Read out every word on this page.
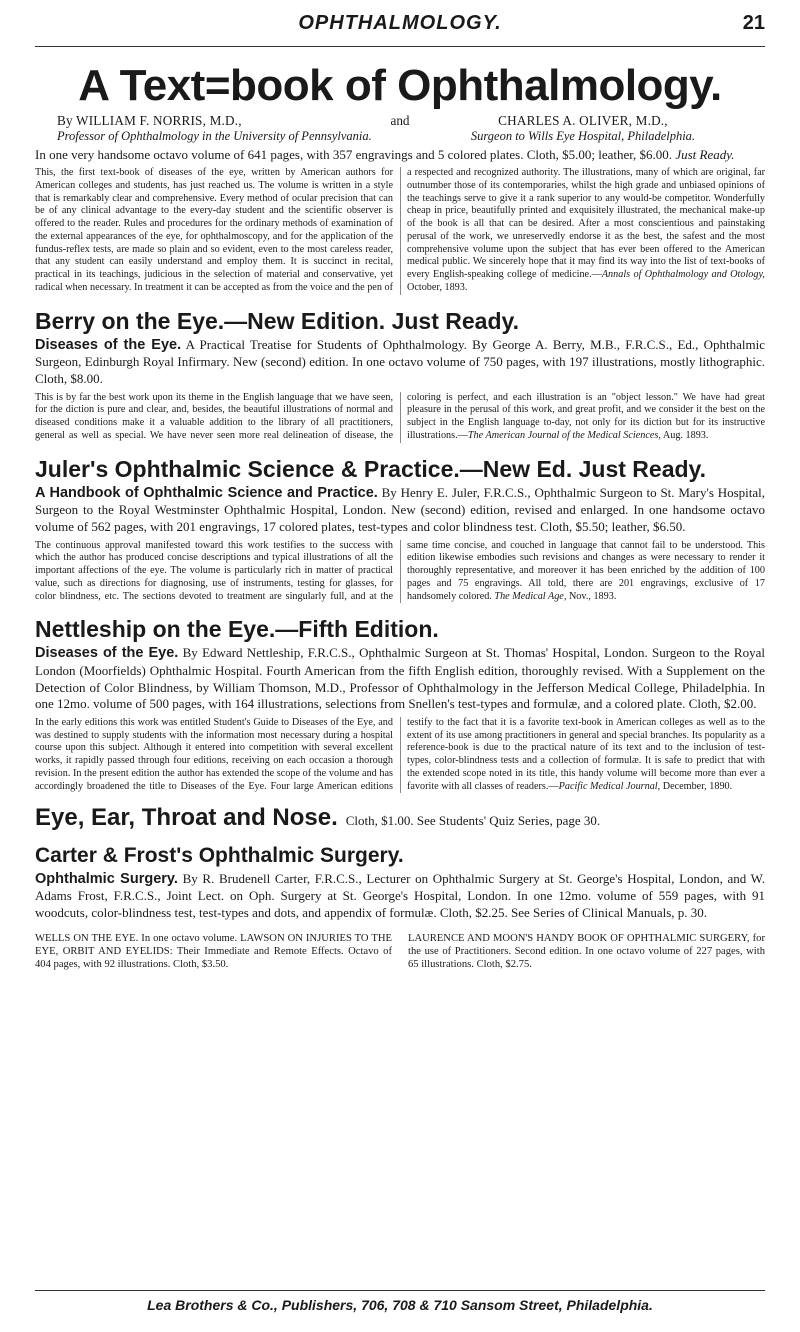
OPHTHALMOLOGY.	21
A Text=book of Ophthalmology.
By WILLIAM F. NORRIS, M.D.,
Professor of Ophthalmology in the University of Pennsylvania.
and	CHARLES A. OLIVER, M.D.,
Surgeon to Wills Eye Hospital, Philadelphia.
In one very handsome octavo volume of 641 pages, with 357 engravings and 5 colored plates. Cloth, $5.00; leather, $6.00. Just Ready.

This, the first text-book of diseases of the eye, written by American authors for American colleges and students, has just reached us. The volume is written in a style that is remarkably clear and comprehensive. Every method of ocular precision that can be of any clinical advantage to the every-day student and the scientific observer is offered to the reader. Rules and procedures for the ordinary methods of examination of the external appearances of the eye, for ophthalmoscopy, and for the application of the fundus-reflex tests, are made so plain and so evident, even to the most careless reader, that any student can easily understand and employ them. It is succinct in recital, practical in its teachings, judicious in the selection of material and conservative, yet radical when necessary. In treatment it can be accepted as from the voice and the pen of a respected and recognized authority. The illustrations, many of which are original, far outnumber those of its contemporaries, whilst the high grade and unbiased opinions of the teachings serve to give it a rank superior to any would-be competitor. Wonderfully cheap in price, beautifully printed and exquisitely illustrated, the mechanical make-up of the book is all that can be desired. After a most conscientious and painstaking perusal of the work, we unreservedly endorse it as the best, the safest and the most comprehensive volume upon the subject that has ever been offered to the American medical public. We sincerely hope that it may find its way into the list of text-books of every English-speaking college of medicine.—Annals of Ophthalmology and Otology, October, 1893.

Berry on the Eye.—New Edition. Just Ready.
Diseases of the Eye. A Practical Treatise for Students of Ophthalmology. By George A. Berry, M.B., F.R.C.S., Ed., Ophthalmic Surgeon, Edinburgh Royal Infirmary. New (second) edition. In one octavo volume of 750 pages, with 197 illustrations, mostly lithographic. Cloth, $8.00.

This is by far the best work upon its theme in the English language that we have seen, for the diction is pure and clear, and, besides, the beautiful illustrations of normal and diseased conditions make it a valuable addition to the library of all practitioners, general as well as special. We have never seen more real delineation of disease, the coloring is perfect, and each illustration is an "object lesson." We have had great pleasure in the perusal of this work, and great profit, and we consider it the best on the subject in the English language to-day, not only for its diction but for its instructive illustrations.—The American Journal of the Medical Sciences, Aug. 1893.

Juler's Ophthalmic Science & Practice.—New Ed. Just Ready.
A Handbook of Ophthalmic Science and Practice. By Henry E. Juler, F.R.C.S., Ophthalmic Surgeon to St. Mary's Hospital, Surgeon to the Royal Westminster Ophthalmic Hospital, London. New (second) edition, revised and enlarged. In one handsome octavo volume of 562 pages, with 201 engravings, 17 colored plates, test-types and color blindness test. Cloth, $5.50; leather, $6.50.

The continuous approval manifested toward this work testifies to the success with which the author has produced concise descriptions and typical illustrations of all the important affections of the eye. The volume is particularly rich in matter of practical value, such as directions for diagnosing, use of instruments, testing for glasses, for color blindness, etc. The sections devoted to treatment are singularly full, and at the same time concise, and couched in language that cannot fail to be understood. This edition likewise embodies such revisions and changes as were necessary to render it thoroughly representative, and moreover it has been enriched by the addition of 100 pages and 75 engravings. All told, there are 201 engravings, exclusive of 17 handsomely colored. The Medical Age, Nov., 1893.

Nettleship on the Eye.—Fifth Edition.
Diseases of the Eye. By Edward Nettleship, F.R.C.S., Ophthalmic Surgeon at St. Thomas' Hospital, London. Surgeon to the Royal London (Moorfields) Ophthalmic Hospital. Fourth American from the fifth English edition, thoroughly revised. With a Supplement on the Detection of Color Blindness, by William Thomson, M.D., Professor of Ophthalmology in the Jefferson Medical College, Philadelphia. In one 12mo. volume of 500 pages, with 164 illustrations, selections from Snellen's test-types and formulæ, and a colored plate. Cloth, $2.00.

In the early editions this work was entitled Student's Guide to Diseases of the Eye, and was destined to supply students with the information most necessary during a hospital course upon this subject. Although it entered into competition with several excellent works, it rapidly passed through four editions, receiving on each occasion a thorough revision. In the present edition the author has extended the scope of the volume and has accordingly broadened the title to Diseases of the Eye. Four large American editions testify to the fact that it is a favorite text-book in American colleges as well as to the extent of its use among practitioners in general and special branches. Its popularity as a reference-book is due to the practical nature of its text and to the inclusion of test-types, color-blindness tests and a collection of formulæ. It is safe to predict that with the extended scope noted in its title, this handy volume will become more than ever a favorite with all classes of readers.—Pacific Medical Journal, December, 1890.

Eye, Ear, Throat and Nose. Cloth, $1.00. See Students' Quiz Series, page 30.
Carter & Frost's Ophthalmic Surgery.
Ophthalmic Surgery. By R. Brudenell Carter, F.R.C.S., Lecturer on Ophthalmic Surgery at St. George's Hospital, London, and W. Adams Frost, F.R.C.S., Joint Lect. on Oph. Surgery at St. George's Hospital, London. In one 12mo. volume of 559 pages, with 91 woodcuts, color-blindness test, test-types and dots, and appendix of formulæ. Cloth, $2.25. See Series of Clinical Manuals, p. 30.
WELLS ON THE EYE. In one octavo volume. LAWSON ON INJURIES TO THE EYE, ORBIT AND EYELIDS: Their Immediate and Remote Effects. Octavo of 404 pages, with 92 illustrations. Cloth, $3.50.
LAURENCE AND MOON'S HANDY BOOK OF OPHTHALMIC SURGERY, for the use of Practitioners. Second edition. In one octavo volume of 227 pages, with 65 illustrations. Cloth, $2.75.
Lea Brothers & Co., Publishers, 706, 708 & 710 Sansom Street, Philadelphia.
